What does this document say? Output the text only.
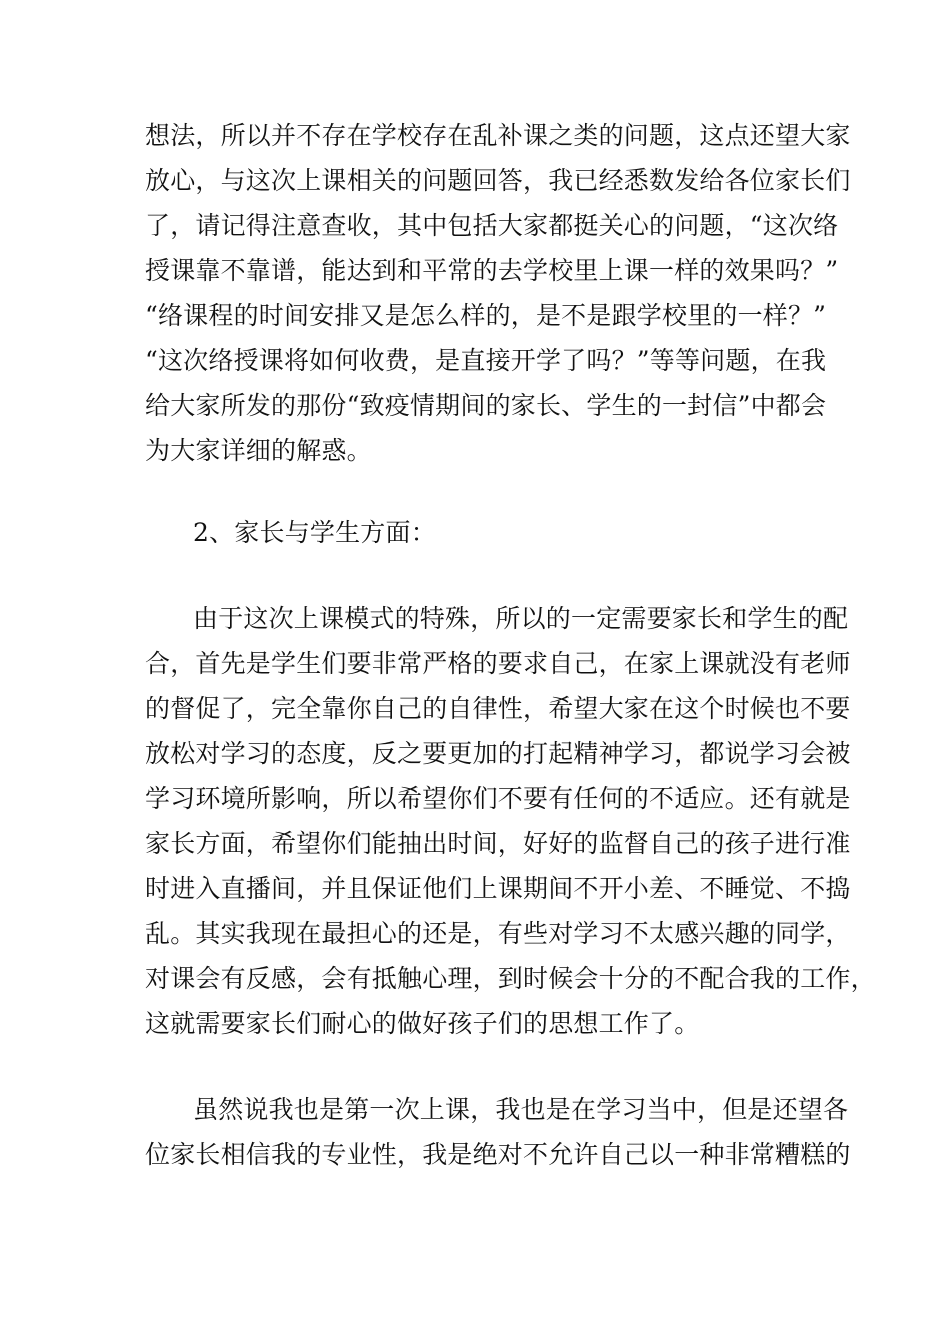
想法，所以并不存在学校存在乱补课之类的问题，这点还望大家
放心，与这次上课相关的问题回答，我已经悉数发给各位家长们
了，请记得注意查收，其中包括大家都挺关心的问题，“这次络
授课靠不靠谱，能达到和平常的去学校里上课一样的效果吗？”
“络课程的时间安排又是怎么样的，是不是跟学校里的一样？”
“这次络授课将如何收费，是直接开学了吗？”等等问题，在我
给大家所发的那份“致疫情期间的家长、学生的一封信”中都会
为大家详细的解惑。
2、家长与学生方面：
由于这次上课模式的特殊，所以的一定需要家长和学生的配
合，首先是学生们要非常严格的要求自己，在家上课就没有老师
的督促了，完全靠你自己的自律性，希望大家在这个时候也不要
放松对学习的态度，反之要更加的打起精神学习，都说学习会被
学习环境所影响，所以希望你们不要有任何的不适应。还有就是
家长方面，希望你们能抽出时间，好好的监督自己的孩子进行准
时进入直播间，并且保证他们上课期间不开小差、不睡觉、不捣
乱。其实我现在最担心的还是，有些对学习不太感兴趣的同学，
对课会有反感，会有抵触心理，到时候会十分的不配合我的工作，
这就需要家长们耐心的做好孩子们的思想工作了。
虽然说我也是第一次上课，我也是在学习当中，但是还望各
位家长相信我的专业性，我是绝对不允许自己以一种非常糟糕的
